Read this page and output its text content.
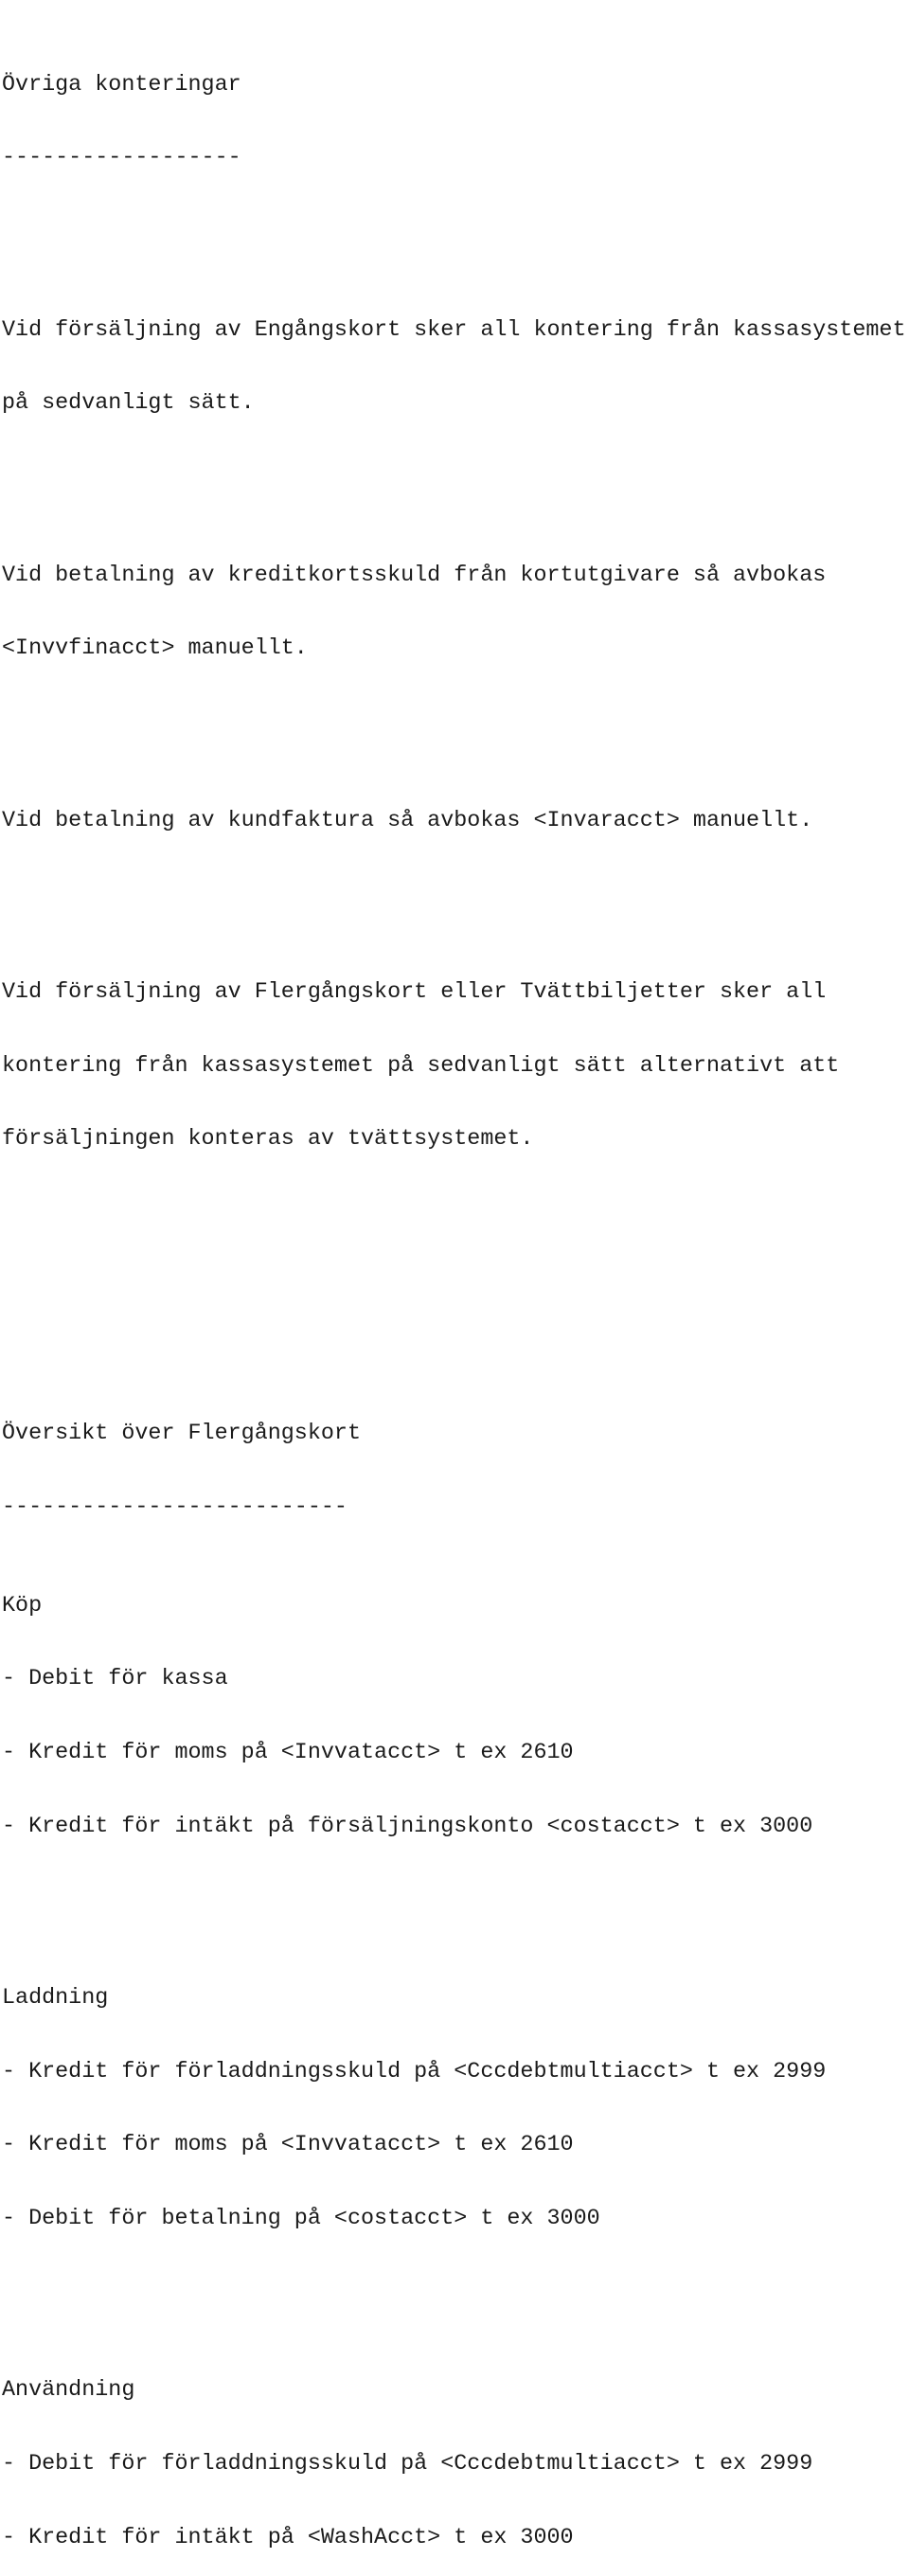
Övriga konteringar

------------------

Vid försäljning av Engångskort sker all kontering från kassasystemet

på sedvanligt sätt.

Vid betalning av kreditkortsskuld från kortutgivare så avbokas

<Invvfinacct> manuellt.

Vid betalning av kundfaktura så avbokas <Invaracct> manuellt.

Vid försäljning av Flergångskort eller Tvättbiljetter sker all

kontering från kassasystemet på sedvanligt sätt alternativt att

försäljningen konteras av tvättsystemet.

Översikt över Flergångskort

--------------------------

Köp

- Debit för kassa

- Kredit för moms på <Invvatacct> t ex 2610

- Kredit för intäkt på försäljningskonto <costacct> t ex 3000

Laddning

- Kredit för förladdningsskuld på <Cccdebtmultiacct> t ex 2999

- Kredit för moms på <Invvatacct> t ex 2610

- Debit för betalning på <costacct> t ex 3000

Användning

- Debit för förladdningsskuld på <Cccdebtmultiacct> t ex 2999

- Kredit för intäkt på <WashAcct> t ex 3000
